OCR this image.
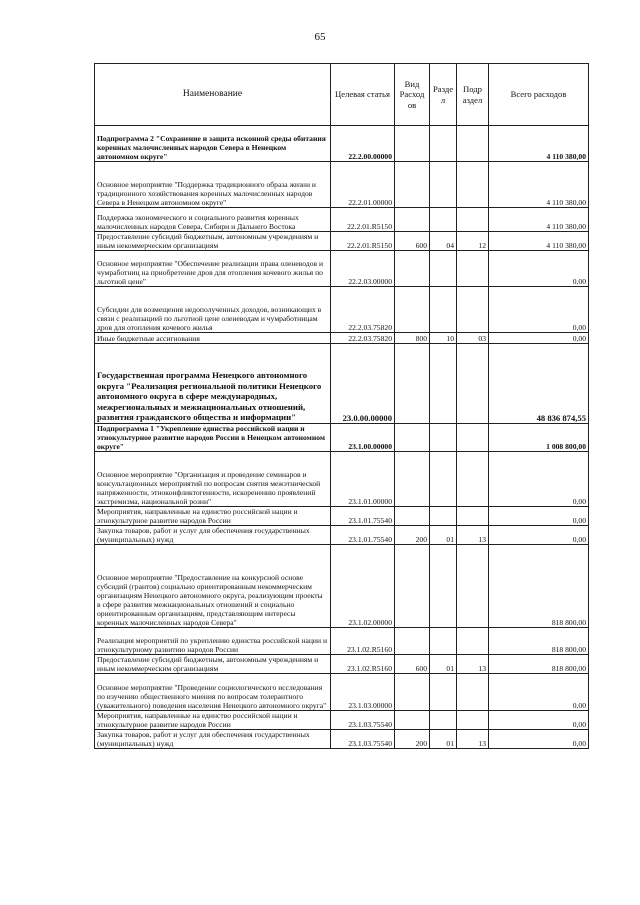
65
Наименование	Целевая статья	Вид Расход ов	Разде л	Подр аздел	Всего расходов
Подпрограмма 2 "Сохранение и защита исконной среды обитания коренных малочисленных народов Севера в Ненецком автономном округе"	22.2.00.00000				4 110 380,00
Основное мероприятие "Поддержка традиционного образа жизни и традиционного хозяйствования коренных малочисленных народов Севера в Ненецком автономном округе"	22.2.01.00000				4 110 380,00
Поддержка экономического и социального развития коренных малочисленных народов Севера, Сибири и Дальнего Востока	22.2.01.R5150				4 110 380,00
Предоставление субсидий бюджетным, автономным учреждениям и иным некоммерческим организациям	22.2.01.R5150	600	04	12	4 110 380,00
Основное мероприятие "Обеспечение реализации права оленеводов и чумработниц на приобретение дров для отопления кочевого жилья по льготной цене"	22.2.03.00000				0,00
Субсидии для возмещения недополученных доходов, возникающих в связи с реализацией по льготной цене оленеводам и чумработницам дров для отопления кочевого жилья	22.2.03.75820				0,00
Иные бюджетные ассигнования	22.2.03.75820	800	10	03	0,00
Государственная программа Ненецкого автономного округа "Реализация региональной политики Ненецкого автономного округа в сфере международных, межрегиональных и межнациональных отношений, развития гражданского общества и информации"	23.0.00.00000				48 836 874,55
Подпрограмма 1 "Укрепление единства российской нации и этнокультурное развитие народов России в Ненецком автономном округе"	23.1.00.00000				1 008 800,00
Основное мероприятие "Организация и проведение семинаров и консультационных мероприятий по вопросам снятия межэтнической напряженности, этноконфликтогенности, искоренению проявлений экстремизма, национальной розни"	23.1.01.00000				0,00
Мероприятия, направленные на единство российской нации и этнокультурное развитие народов России	23.1.01.75540				0,00
Закупка товаров, работ и услуг для обеспечения государственных (муниципальных) нужд	23.1.01.75540	200	01	13	0,00
Основное мероприятие "Предоставление на конкурсной основе субсидий (грантов) социально ориентированным некоммерческим организациям Ненецкого автономного округа, реализующим проекты в сфере развития межнациональных отношений и социально ориентированным организациям, представляющим интересы коренных малочисленных народов Севера"	23.1.02.00000				818 800,00
Реализация мероприятий по укреплению единства российской нации и этнокультурному развитию народов России	23.1.02.R5160				818 800,00
Предоставление субсидий бюджетным, автономным учреждениям и иным некоммерческим организациям	23.1.02.R5160	600	01	13	818 800,00
Основное мероприятие "Проведение социологического исследования по изучению общественного мнения по вопросам толерантного (уважительного) поведения населения Ненецкого автономного округа"	23.1.03.00000				0,00
Мероприятия, направленные на единство российской нации и этнокультурное развитие народов России	23.1.03.75540				0,00
Закупка товаров, работ и услуг для обеспечения государственных (муниципальных) нужд	23.1.03.75540	200	01	13	0,00
